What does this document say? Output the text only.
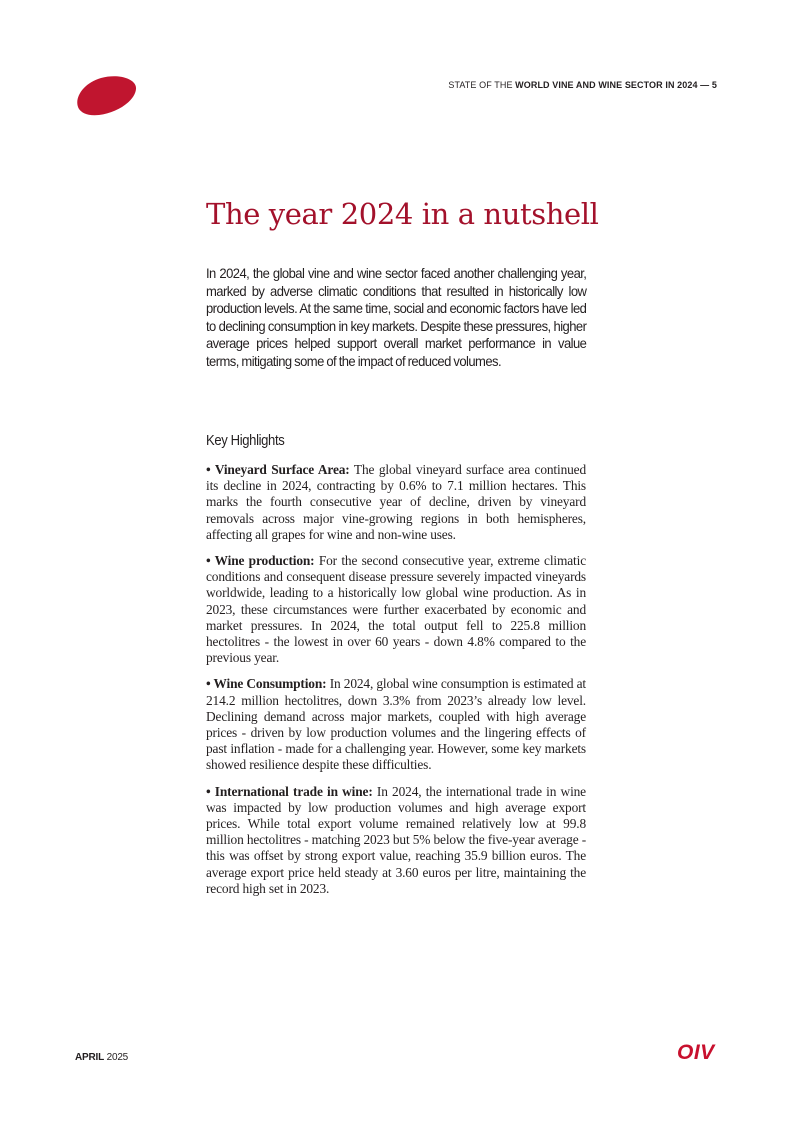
STATE OF THE WORLD VINE AND WINE SECTOR IN 2024 — 5
The year 2024 in a nutshell

In 2024, the global vine and wine sector faced another challenging year, marked by adverse climatic conditions that resulted in historically low production levels. At the same time, social and economic factors have led to declining consumption in key markets. Despite these pressures, higher average prices helped support overall market performance in value terms, mitigating some of the impact of reduced volumes.

Key Highlights

• Vineyard Surface Area: The global vineyard surface area continued its decline in 2024, contracting by 0.6% to 7.1 million hectares. This marks the fourth consecutive year of decline, driven by vineyard removals across major vine-growing regions in both hemispheres, affecting all grapes for wine and non-wine uses.

• Wine production: For the second consecutive year, extreme climatic conditions and consequent disease pressure severely impacted vineyards worldwide, leading to a historically low global wine production. As in 2023, these circumstances were further exacerbated by economic and market pressures. In 2024, the total output fell to 225.8 million hectolitres - the lowest in over 60 years - down 4.8% compared to the previous year.

• Wine Consumption: In 2024, global wine consumption is estimated at 214.2 million hectolitres, down 3.3% from 2023’s already low level. Declining demand across major markets, coupled with high average prices - driven by low production volumes and the lingering effects of past inflation - made for a challenging year. However, some key markets showed resilience despite these difficulties.

• International trade in wine: In 2024, the international trade in wine was impacted by low production volumes and high average export prices. While total export volume remained relatively low at 99.8 million hectolitres - matching 2023 but 5% below the five-year average - this was offset by strong export value, reaching 35.9 billion euros. The average export price held steady at 3.60 euros per litre, maintaining the record high set in 2023.

APRIL 2025	OIV
